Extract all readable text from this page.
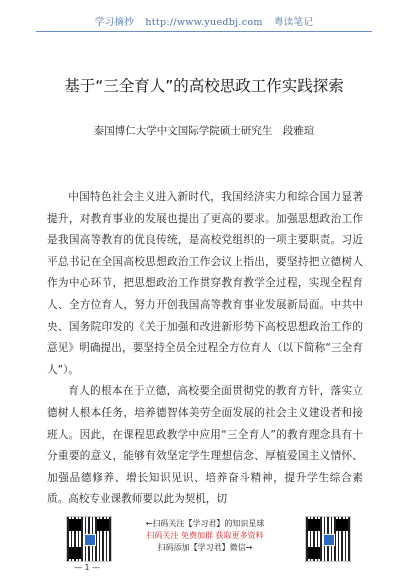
学习摘抄 http://www.yuedbj.com 粤读笔记
基于“三全育人”的高校思政工作实践探索
泰国博仁大学中文国际学院硕士研究生　段雅瑄

中国特色社会主义进入新时代，我国经济实力和综合国力显著提升，对教育事业的发展也提出了更高的要求。加强思想政治工作是我国高等教育的优良传统，是高校党组织的一项主要职责。习近平总书记在全国高校思想政治工作会议上指出，要坚持把立德树人作为中心环节，把思想政治工作贯穿教育教学全过程，实现全程育人、全方位育人，努力开创我国高等教育事业发展新局面。中共中央、国务院印发的《关于加强和改进新形势下高校思想政治工作的意见》明确提出，要坚持全员全过程全方位育人（以下简称“三全育人”）。

育人的根本在于立德，高校要全面贯彻党的教育方针，落实立德树人根本任务，培养德智体美劳全面发展的社会主义建设者和接班人。因此，在课程思政教学中应用“三全育人”的教育理念具有十分重要的意义，能够有效坚定学生理想信念、厚植爱国主义情怀、加强品德修养、增长知识见识、培养奋斗精神，提升学生综合素质。高校专业课教师要以此为契机，切

←扫码关注【学习君】的知识星球
扫码关注 免费加群 获取更多资料
扫码添加【学习君】微信→
— 1 —
